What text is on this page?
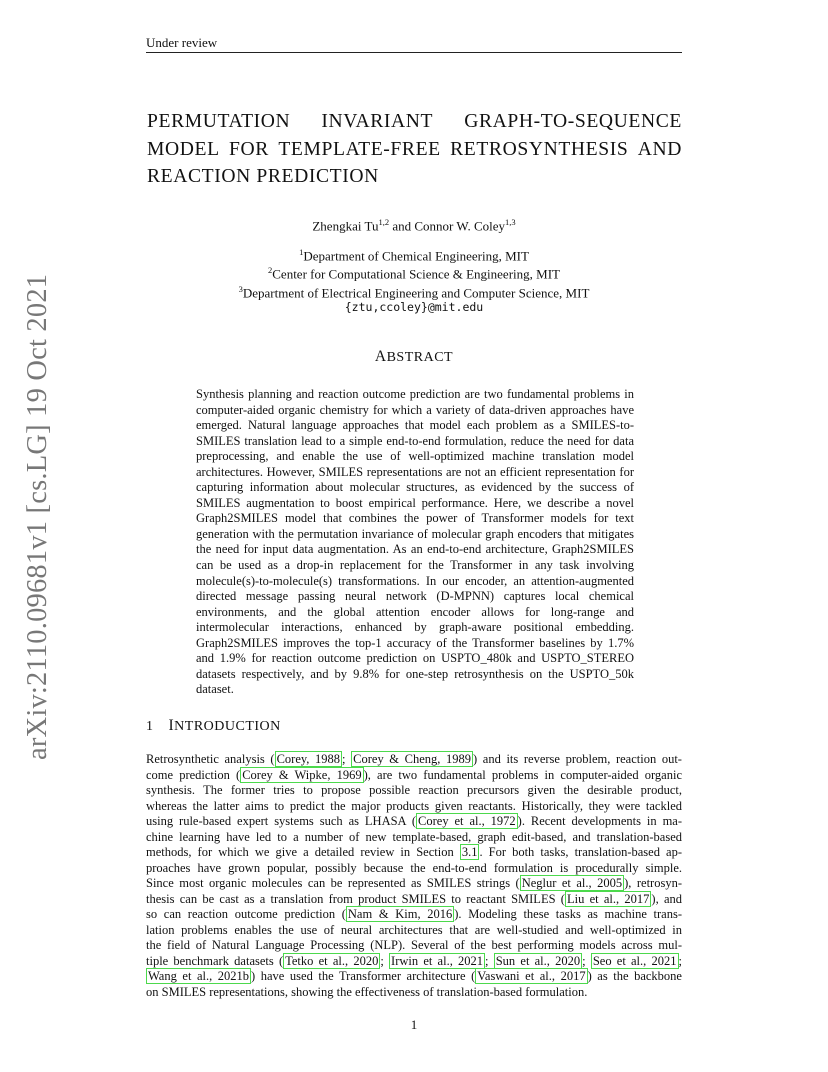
Under review
arXiv:2110.09681v1 [cs.LG] 19 Oct 2021
PERMUTATION INVARIANT GRAPH-TO-SEQUENCE
MODEL FOR TEMPLATE-FREE RETROSYNTHESIS AND
REACTION PREDICTION
Zhengkai Tu$^{1,2}$ and Connor W. Coley$^{1,3}$
$^1$Department of Chemical Engineering, MIT
$^2$Center for Computational Science & Engineering, MIT
$^3$Department of Electrical Engineering and Computer Science, MIT
{ztu,ccoley}@mit.edu
ABSTRACT
Synthesis planning and reaction outcome prediction are two fundamental problems in computer-aided organic chemistry for which a variety of data-driven approaches have emerged. Natural language approaches that model each problem as a SMILES-to-SMILES translation lead to a simple end-to-end formulation, reduce the need for data preprocessing, and enable the use of well-optimized machine translation model architectures. However, SMILES representations are not an efficient representation for capturing information about molecular structures, as evidenced by the success of SMILES augmentation to boost empirical performance. Here, we describe a novel Graph2SMILES model that combines the power of Transformer models for text generation with the permutation invariance of molecular graph encoders that mitigates the need for input data augmentation. As an end-to-end architecture, Graph2SMILES can be used as a drop-in replacement for the Transformer in any task involving molecule(s)-to-molecule(s) transformations. In our encoder, an attention-augmented directed message passing neural network (D-MPNN) captures local chemical environments, and the global attention encoder allows for long-range and intermolecular interactions, enhanced by graph-aware positional embedding. Graph2SMILES improves the top-1 accuracy of the Transformer baselines by 1.7% and 1.9% for reaction outcome prediction on USPTO_480k and USPTO_STEREO datasets respectively, and by 9.8% for one-step retrosynthesis on the USPTO_50k dataset.
1 INTRODUCTION
Retrosynthetic analysis ( Corey, 1988 ; Corey & Cheng, 1989 ) and its reverse problem, reaction out-
come prediction ( Corey & Wipke, 1969 ), are two fundamental problems in computer-aided organic
synthesis. The former tries to propose possible reaction precursors given the desirable product,
whereas the latter aims to predict the major products given reactants. Historically, they were tackled
using rule-based expert systems such as LHASA ( Corey et al., 1972 ). Recent developments in ma-
chine learning have led to a number of new template-based, graph edit-based, and translation-based
methods, for which we give a detailed review in Section 3.1 . For both tasks, translation-based ap-
proaches have grown popular, possibly because the end-to-end formulation is procedurally simple.
Since most organic molecules can be represented as SMILES strings ( Neglur et al., 2005 ), retrosyn-
thesis can be cast as a translation from product SMILES to reactant SMILES ( Liu et al., 2017 ), and
so can reaction outcome prediction ( Nam & Kim, 2016 ). Modeling these tasks as machine trans-
lation problems enables the use of neural architectures that are well-studied and well-optimized in
the field of Natural Language Processing (NLP). Several of the best performing models across mul-
tiple benchmark datasets ( Tetko et al., 2020 ; Irwin et al., 2021 ; Sun et al., 2020 ; Seo et al., 2021 ;
Wang et al., 2021b ) have used the Transformer architecture ( Vaswani et al., 2017 ) as the backbone
on SMILES representations, showing the effectiveness of translation-based formulation.
1
